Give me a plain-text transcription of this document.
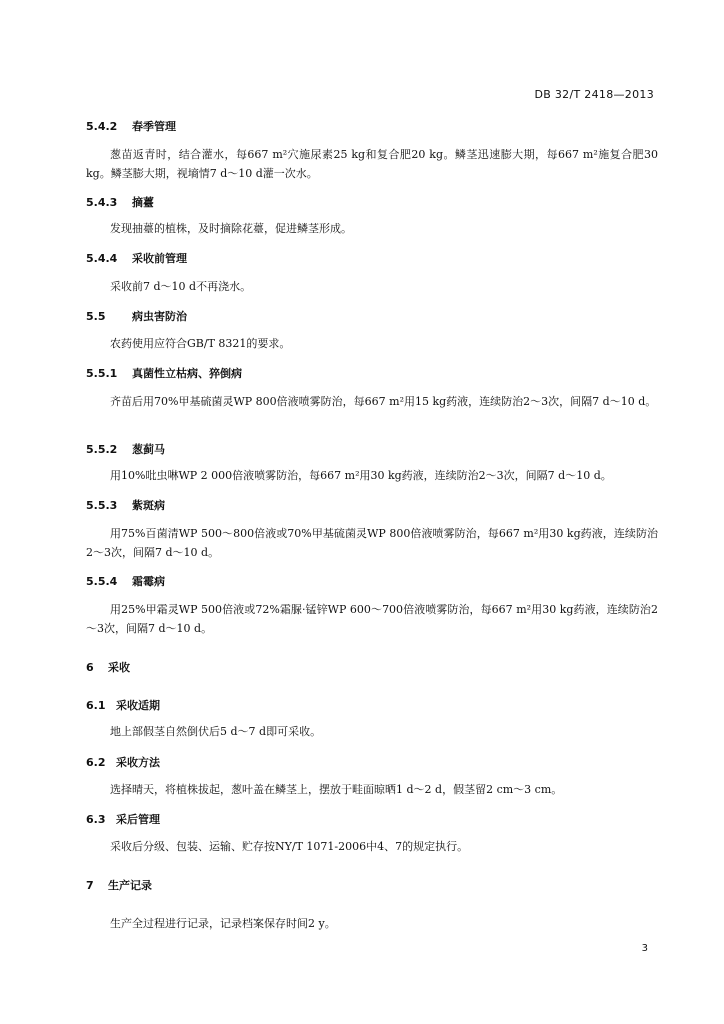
DB 32/T 2418—2013
5.4.2 春季管理
葱苗返青时，结合灌水，每667 m²穴施尿素25 kg和复合肥20 kg。鳞茎迅速膨大期，每667 m²施复合肥30 kg。鳞茎膨大期，视墒情7 d～10 d灌一次水。
5.4.3 摘薹
发现抽薹的植株，及时摘除花薹，促进鳞茎形成。
5.4.4 采收前管理
采收前7 d～10 d不再浇水。
5.5 病虫害防治
农药使用应符合GB/T 8321的要求。
5.5.1 真菌性立枯病、猝倒病
齐苗后用70%甲基硫菌灵WP 800倍液喷雾防治，每667 m²用15 kg药液，连续防治2～3次，间隔7 d～10 d。
5.5.2 葱蓟马
用10%吡虫啉WP 2 000倍液喷雾防治，每667 m²用30 kg药液，连续防治2～3次，间隔7 d～10 d。
5.5.3 紫斑病
用75%百菌清WP 500～800倍液或70%甲基硫菌灵WP 800倍液喷雾防治，每667 m²用30 kg药液，连续防治2～3次，间隔7 d～10 d。
5.5.4 霜霉病
用25%甲霜灵WP 500倍液或72%霜脲·锰锌WP 600～700倍液喷雾防治，每667 m²用30 kg药液，连续防治2～3次，间隔7 d～10 d。
6 采收
6.1 采收适期
地上部假茎自然倒伏后5 d～7 d即可采收。
6.2 采收方法
选择晴天，将植株拔起，葱叶盖在鳞茎上，摆放于畦面晾晒1 d～2 d，假茎留2 cm～3 cm。
6.3 采后管理
采收后分级、包装、运输、贮存按NY/T 1071-2006中4、7的规定执行。
7 生产记录
生产全过程进行记录，记录档案保存时间2 y。
3
